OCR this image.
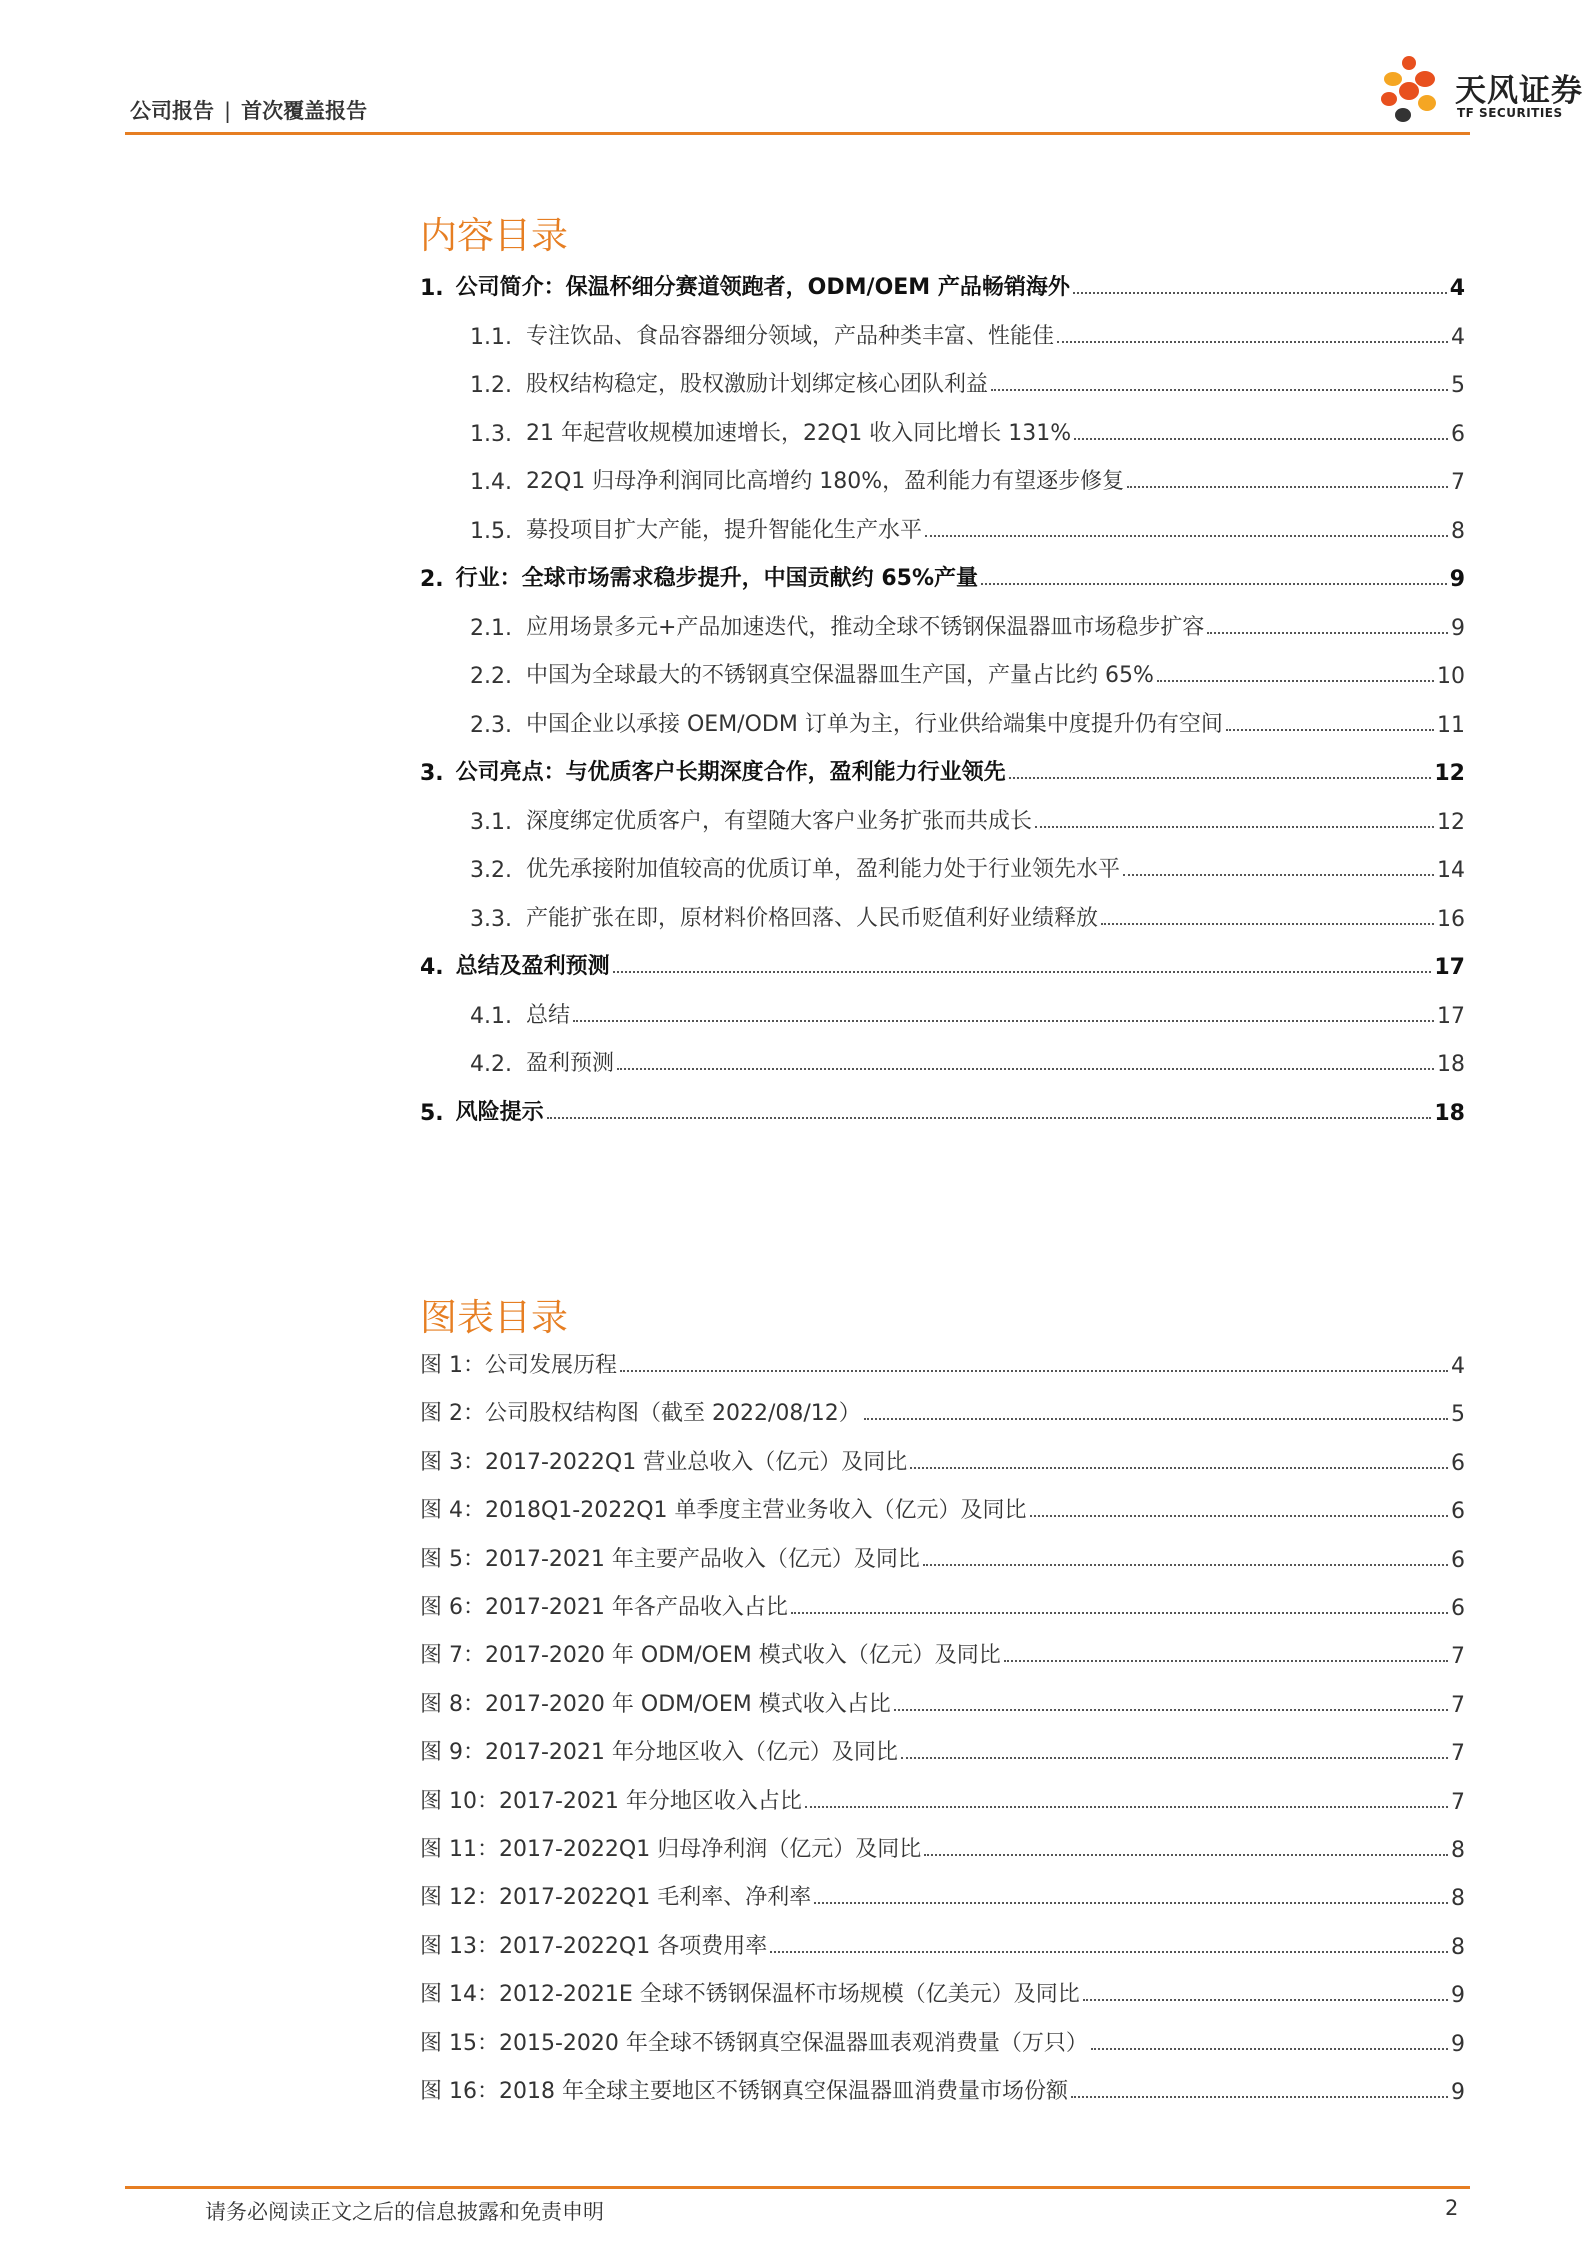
公司报告 | 首次覆盖报告
天风证券
TF SECURITIES
内容目录
1. 公司简介：保温杯细分赛道领跑者，ODM/OEM 产品畅销海外	4
1.1. 专注饮品、食品容器细分领域，产品种类丰富、性能佳	4
1.2. 股权结构稳定，股权激励计划绑定核心团队利益	5
1.3. 21 年起营收规模加速增长，22Q1 收入同比增长 131%	6
1.4. 22Q1 归母净利润同比高增约 180%，盈利能力有望逐步修复	7
1.5. 募投项目扩大产能，提升智能化生产水平	8
2. 行业：全球市场需求稳步提升，中国贡献约 65%产量	9
2.1. 应用场景多元+产品加速迭代，推动全球不锈钢保温器皿市场稳步扩容	9
2.2. 中国为全球最大的不锈钢真空保温器皿生产国，产量占比约 65%	10
2.3. 中国企业以承接 OEM/ODM 订单为主，行业供给端集中度提升仍有空间	11
3. 公司亮点：与优质客户长期深度合作，盈利能力行业领先	12
3.1. 深度绑定优质客户，有望随大客户业务扩张而共成长	12
3.2. 优先承接附加值较高的优质订单，盈利能力处于行业领先水平	14
3.3. 产能扩张在即，原材料价格回落、人民币贬值利好业绩释放	16
4. 总结及盈利预测	17
4.1. 总结	17
4.2. 盈利预测	18
5. 风险提示	18
图表目录
图 1： 公司发展历程	4
图 2： 公司股权结构图（截至 2022/08/12）	5
图 3： 2017-2022Q1 营业总收入（亿元）及同比	6
图 4： 2018Q1-2022Q1 单季度主营业务收入（亿元）及同比	6
图 5： 2017-2021 年主要产品收入（亿元）及同比	6
图 6： 2017-2021 年各产品收入占比	6
图 7： 2017-2020 年 ODM/OEM 模式收入（亿元）及同比	7
图 8： 2017-2020 年 ODM/OEM 模式收入占比	7
图 9： 2017-2021 年分地区收入（亿元）及同比	7
图 10： 2017-2021 年分地区收入占比	7
图 11： 2017-2022Q1 归母净利润（亿元）及同比	8
图 12： 2017-2022Q1 毛利率、净利率	8
图 13： 2017-2022Q1 各项费用率	8
图 14： 2012-2021E 全球不锈钢保温杯市场规模（亿美元）及同比	9
图 15： 2015-2020 年全球不锈钢真空保温器皿表观消费量（万只）	9
图 16： 2018 年全球主要地区不锈钢真空保温器皿消费量市场份额	9
请务必阅读正文之后的信息披露和免责申明	2
